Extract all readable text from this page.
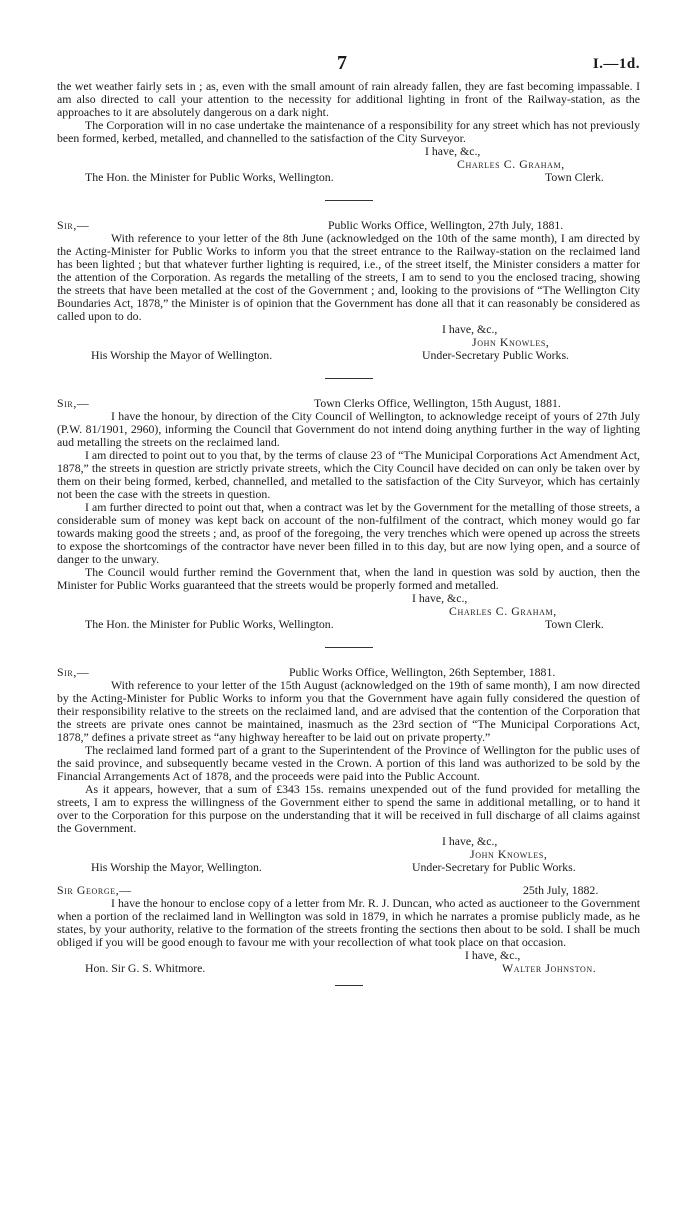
7	I.—1d.

the wet weather fairly sets in ; as, even with the small amount of rain already fallen, they are fast becoming impassable. I am also directed to call your attention to the necessity for additional lighting in front of the Railway-station, as the approaches to it are absolutely dangerous on a dark night.

The Corporation will in no case undertake the maintenance of a responsibility for any street which has not previously been formed, kerbed, metalled, and channelled to the satisfaction of the City Surveyor.

I have, &c.,
Charles C. Graham,
The Hon. the Minister for Public Works, Wellington.	Town Clerk.
Sir,—	Public Works Office, Wellington, 27th July, 1881.

With reference to your letter of the 8th June (acknowledged on the 10th of the same month), I am directed by the Acting-Minister for Public Works to inform you that the street entrance to the Railway-station on the reclaimed land has been lighted ; but that whatever further lighting is required, i.e., of the street itself, the Minister considers a matter for the attention of the Corporation. As regards the metalling of the streets, I am to send to you the enclosed tracing, showing the streets that have been metalled at the cost of the Government ; and, looking to the provisions of “The Wellington City Boundaries Act, 1878,” the Minister is of opinion that the Government has done all that it can reasonably be considered as called upon to do.

I have, &c.,
John Knowles,
His Worship the Mayor of Wellington.	Under-Secretary Public Works.
Sir,—	Town Clerks Office, Wellington, 15th August, 1881.

I have the honour, by direction of the City Council of Wellington, to acknowledge receipt of yours of 27th July (P.W. 81/1901, 2960), informing the Council that Government do not intend doing anything further in the way of lighting aud metalling the streets on the reclaimed land.

I am directed to point out to you that, by the terms of clause 23 of “The Municipal Corporations Act Amendment Act, 1878,” the streets in question are strictly private streets, which the City Council have decided on can only be taken over by them on their being formed, kerbed, channelled, and metalled to the satisfaction of the City Surveyor, which has certainly not been the case with the streets in question.

I am further directed to point out that, when a contract was let by the Government for the metalling of those streets, a considerable sum of money was kept back on account of the non-fulfilment of the contract, which money would go far towards making good the streets ; and, as proof of the foregoing, the very trenches which were opened up across the streets to expose the shortcomings of the contractor have never been filled in to this day, but are now lying open, and a source of danger to the unwary.

The Council would further remind the Government that, when the land in question was sold by auction, then the Minister for Public Works guaranteed that the streets would be properly formed and metalled.

I have, &c.,
Charles C. Graham,
The Hon. the Minister for Public Works, Wellington.	Town Clerk.
Sir,—	Public Works Office, Wellington, 26th September, 1881.

With reference to your letter of the 15th August (acknowledged on the 19th of same month), I am now directed by the Acting-Minister for Public Works to inform you that the Government have again fully considered the question of their responsibility relative to the streets on the reclaimed land, and are advised that the contention of the Corporation that the streets are private ones cannot be maintained, inasmuch as the 23rd section of “The Municipal Corporations Act, 1878,” defines a private street as “any highway hereafter to be laid out on private property.”

The reclaimed land formed part of a grant to the Superintendent of the Province of Wellington for the public uses of the said province, and subsequently became vested in the Crown. A portion of this land was authorized to be sold by the Financial Arrangements Act of 1878, and the proceeds were paid into the Public Account.

As it appears, however, that a sum of £343 15s. remains unexpended out of the fund provided for metalling the streets, I am to express the willingness of the Government either to spend the same in additional metalling, or to hand it over to the Corporation for this purpose on the understanding that it will be received in full discharge of all claims against the Government.

I have, &c.,
John Knowles,
His Worship the Mayor, Wellington.	Under-Secretary for Public Works.
Sir George,—	25th July, 1882.

I have the honour to enclose copy of a letter from Mr. R. J. Duncan, who acted as auctioneer to the Government when a portion of the reclaimed land in Wellington was sold in 1879, in which he narrates a promise publicly made, as he states, by your authority, relative to the formation of the streets fronting the sections then about to be sold. I shall be much obliged if you will be good enough to favour me with your recollection of what took place on that occasion.

I have, &c.,
Hon. Sir G. S. Whitmore.	Walter Johnston.
